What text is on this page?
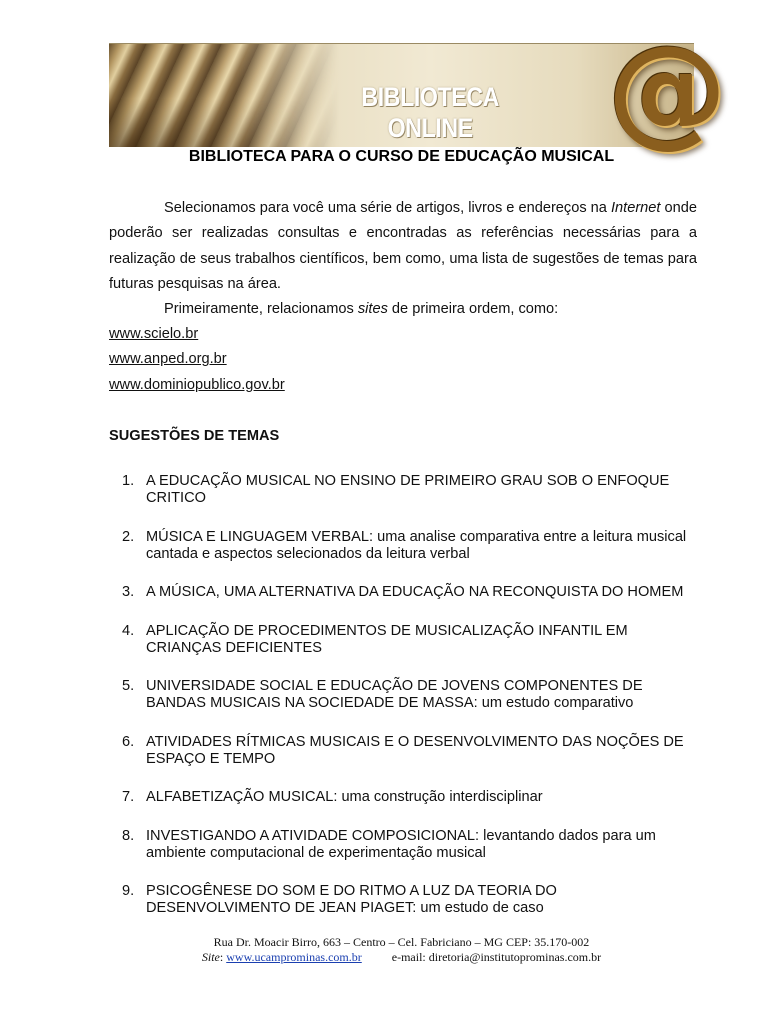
BIBLIOTECA ONLINE	@
BIBLIOTECA PARA O CURSO DE EDUCAÇÃO MUSICAL
Selecionamos para você uma série de artigos, livros e endereços na Internet onde poderão ser realizadas consultas e encontradas as referências necessárias para a realização de seus trabalhos científicos, bem como, uma lista de sugestões de temas para futuras pesquisas na área.
Primeiramente, relacionamos sites de primeira ordem, como:
www.scielo.br
www.anped.org.br
www.dominiopublico.gov.br
SUGESTÕES DE TEMAS
1. A EDUCAÇÃO MUSICAL NO ENSINO DE PRIMEIRO GRAU SOB O ENFOQUE CRITICO
2. MÚSICA E LINGUAGEM VERBAL: uma analise comparativa entre a leitura musical cantada e aspectos selecionados da leitura verbal
3. A MÚSICA, UMA ALTERNATIVA DA EDUCAÇÃO NA RECONQUISTA DO HOMEM
4. APLICAÇÃO DE PROCEDIMENTOS DE MUSICALIZAÇÃO INFANTIL EM CRIANÇAS DEFICIENTES
5. UNIVERSIDADE SOCIAL E EDUCAÇÃO DE JOVENS COMPONENTES DE BANDAS MUSICAIS NA SOCIEDADE DE MASSA: um estudo comparativo
6. ATIVIDADES RÍTMICAS MUSICAIS E O DESENVOLVIMENTO DAS NOÇÕES DE ESPAÇO E TEMPO
7. ALFABETIZAÇÃO MUSICAL: uma construção interdisciplinar
8. INVESTIGANDO A ATIVIDADE COMPOSICIONAL: levantando dados para um ambiente computacional de experimentação musical
9. PSICOGÊNESE DO SOM E DO RITMO A LUZ DA TEORIA DO DESENVOLVIMENTO DE JEAN PIAGET: um estudo de caso
Rua Dr. Moacir Birro, 663 – Centro – Cel. Fabriciano – MG CEP: 35.170-002
Site: www.ucamprominas.com.br	e-mail: diretoria@institutoprominas.com.br
